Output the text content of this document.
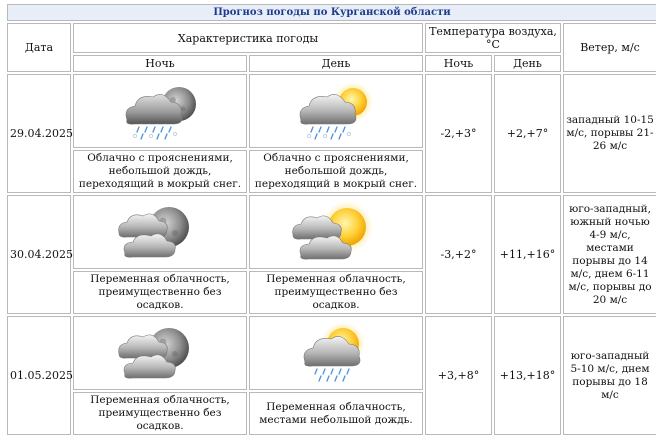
Прогноз погоды по Курганской области					
Дата	Характеристика погоды		Температура воздуха, °С		Ветер, м/с
	Ночь	День	Ночь	День	
29.04.2025			-2,+3°	+2,+7°	западный 10-15 м/с, порывы 21-26 м/с
	Облачно с прояснениями, небольшой дождь, переходящий в мокрый снег.	Облачно с прояснениями, небольшой дождь, переходящий в мокрый снег.			
30.04.2025			-3,+2°	+11,+16°	юго-западный, южный ночью 4-9 м/с, местами порывы до 14 м/с, днем 6-11 м/с, порывы до 20 м/с
	Переменная облачность, преимущественно без осадков.	Переменная облачность, преимущественно без осадков.			
01.05.2025			+3,+8°	+13,+18°	юго-западный 5-10 м/с, днем порывы до 18 м/с
	Переменная облачность, преимущественно без осадков.	Переменная облачность, местами небольшой дождь.			
